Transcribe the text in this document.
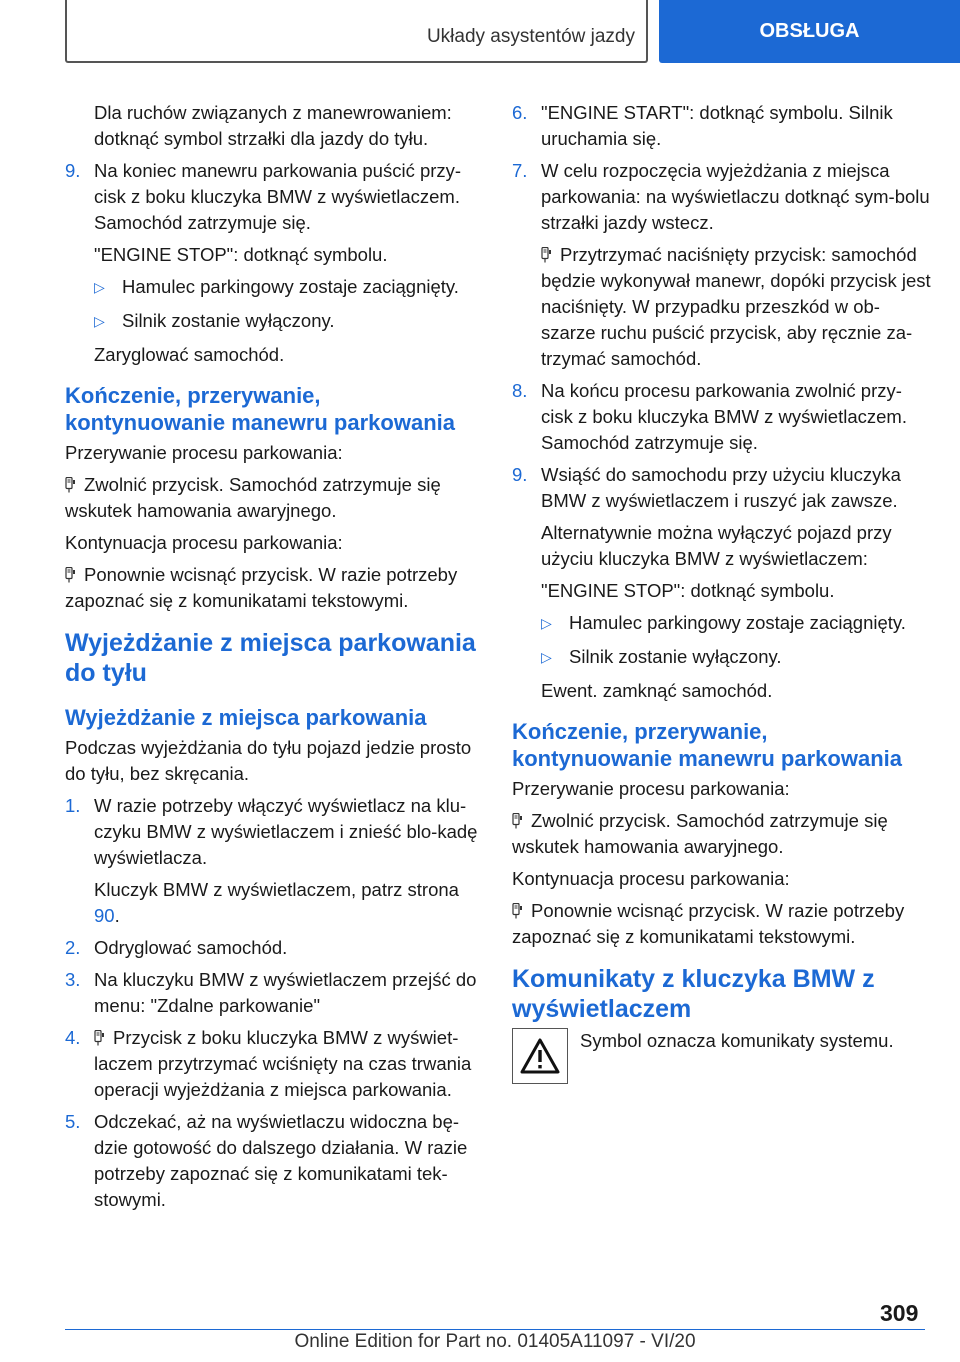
Układy asystentów jazdy	OBSŁUGA

Dla ruchów związanych z manewrowaniem: dotknąć symbol strzałki dla jazdy do tyłu.

9. Na koniec manewru parkowania puścić przy-cisk z boku kluczyka BMW z wyświetlaczem. Samochód zatrzymuje się.

"ENGINE STOP": dotknąć symbolu.

▷ Hamulec parkingowy zostaje zaciągnięty.
▷ Silnik zostanie wyłączony.

Zaryglować samochód.

Kończenie, przerywanie, kontynuowanie manewru parkowania

Przerywanie procesu parkowania:

Zwolnić przycisk. Samochód zatrzymuje się wskutek hamowania awaryjnego.

Kontynuacja procesu parkowania:

Ponownie wcisnąć przycisk. W razie potrzeby zapoznać się z komunikatami tekstowymi.

Wyjeżdżanie z miejsca parkowania do tyłu
Wyjeżdżanie z miejsca parkowania

Podczas wyjeżdżania do tyłu pojazd jedzie prosto do tyłu, bez skręcania.

1. W razie potrzeby włączyć wyświetlacz na klu-czyku BMW z wyświetlaczem i znieść blo-kadę wyświetlacza.

Kluczyk BMW z wyświetlaczem, patrz strona 90.

2. Odryglować samochód.
3. Na kluczyku BMW z wyświetlaczem przejść do menu: "Zdalne parkowanie"
4.	Przycisk z boku kluczyka BMW z wyświet-laczem przytrzymać wciśnięty na czas trwania operacji wyjeżdżania z miejsca parkowania.
5. Odczekać, aż na wyświetlaczu widoczna bę-dzie gotowość do dalszego działania. W razie potrzeby zapoznać się z komunikatami tek-stowymi.
6. "ENGINE START": dotknąć symbolu. Silnik uruchamia się.
7. W celu rozpoczęcia wyjeżdżania z miejsca parkowania: na wyświetlaczu dotknąć sym-bolu strzałki jazdy wstecz.

Przytrzymać naciśnięty przycisk: samochód będzie wykonywał manewr, dopóki przycisk jest naciśnięty. W przypadku przeszkód w ob-szarze ruchu puścić przycisk, aby ręcznie za-trzymać samochód.

8. Na końcu procesu parkowania zwolnić przy-cisk z boku kluczyka BMW z wyświetlaczem. Samochód zatrzymuje się.
9. Wsiąść do samochodu przy użyciu kluczyka BMW z wyświetlaczem i ruszyć jak zawsze.

Alternatywnie można wyłączyć pojazd przy użyciu kluczyka BMW z wyświetlaczem:

"ENGINE STOP": dotknąć symbolu.

▷ Hamulec parkingowy zostaje zaciągnięty.
▷ Silnik zostanie wyłączony.

Ewent. zamknąć samochód.

Kończenie, przerywanie, kontynuowanie manewru parkowania

Przerywanie procesu parkowania:

Zwolnić przycisk. Samochód zatrzymuje się wskutek hamowania awaryjnego.

Kontynuacja procesu parkowania:

Ponownie wcisnąć przycisk. W razie potrzeby zapoznać się z komunikatami tekstowymi.

Komunikaty z kluczyka BMW z wyświetlaczem

Symbol oznacza komunikaty systemu.

309
Online Edition for Part no. 01405A11097 - VI/20
